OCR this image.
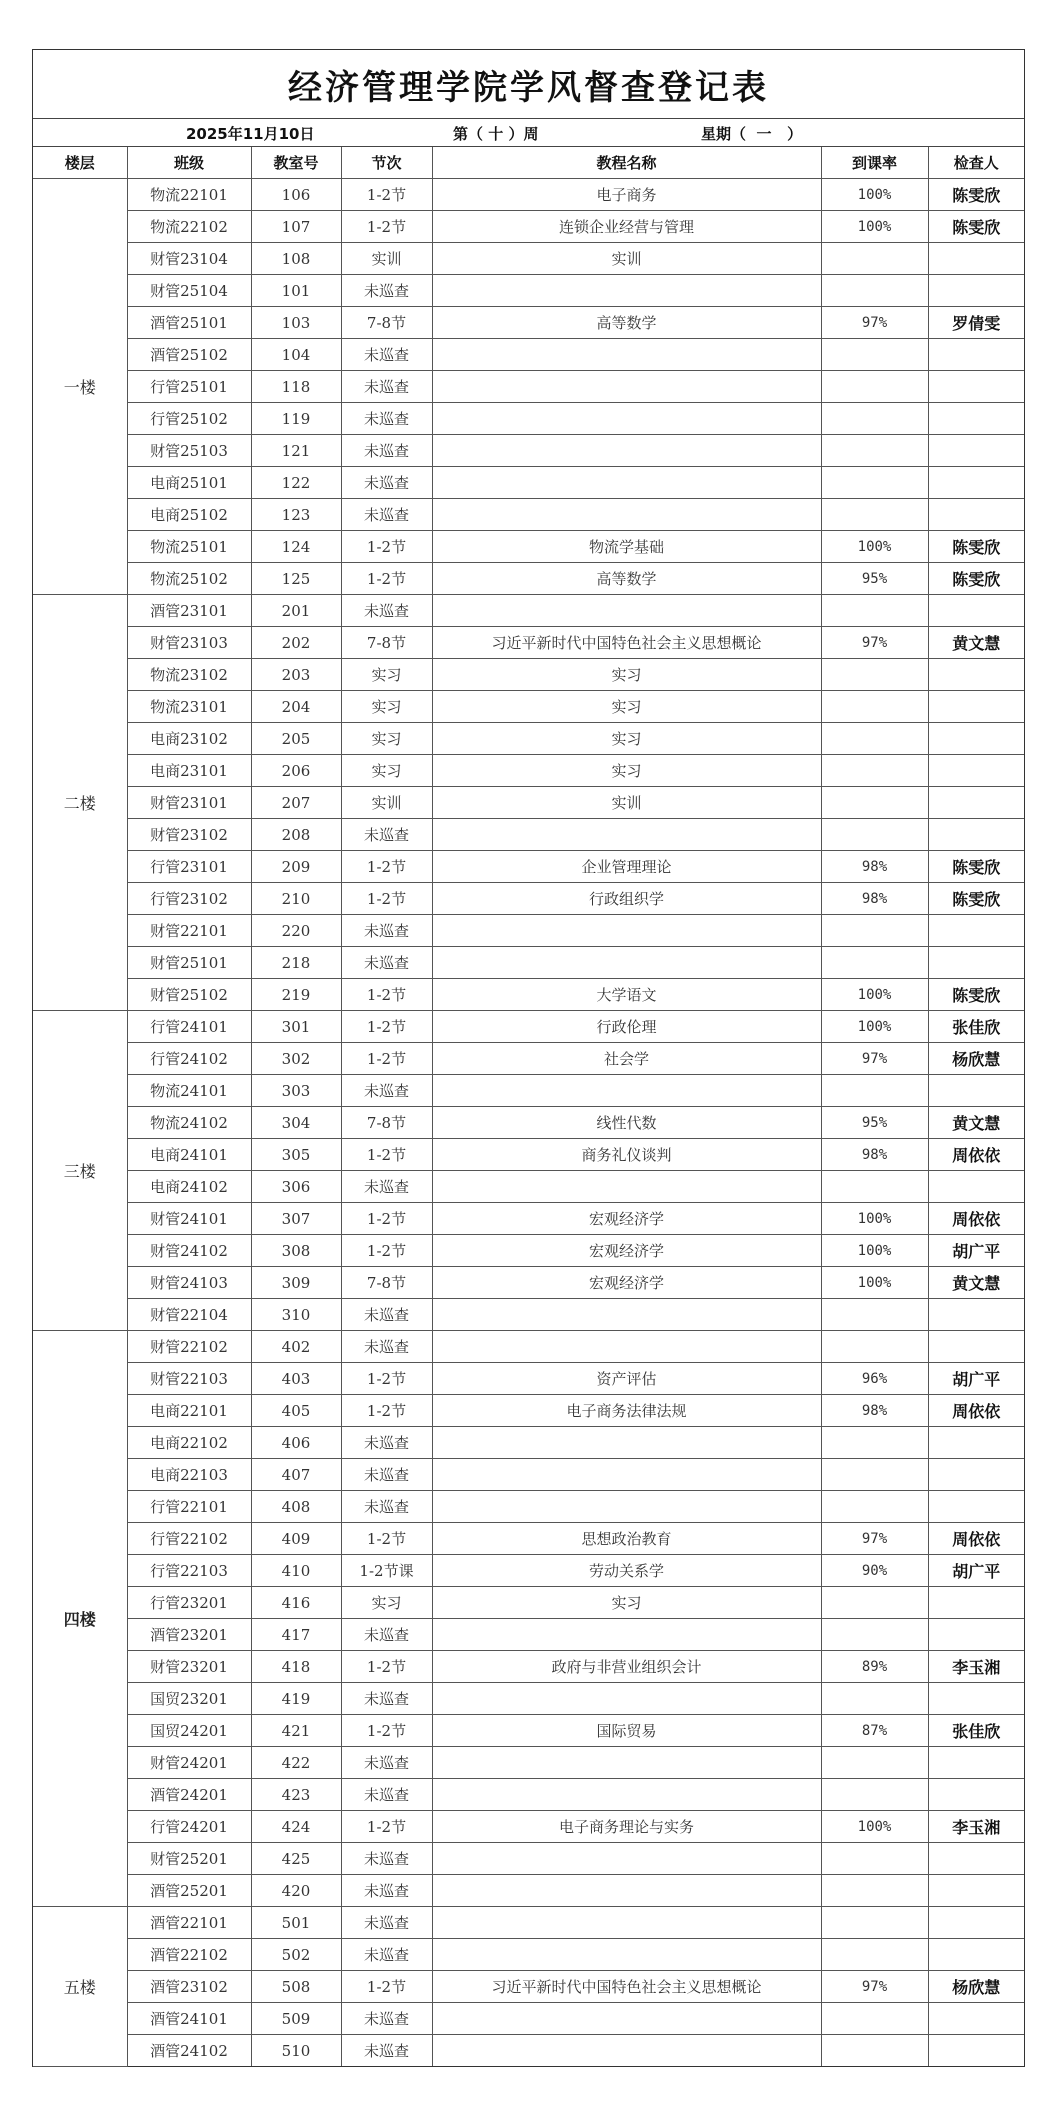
经济管理学院学风督查登记表
2025年11月10日	第（ 十 ）周	星期（  一   ）
楼层	班级	教室号	节次	教程名称	到课率	检查人
一楼	物流22101	106	1-2节	电子商务	100%	陈雯欣
	物流22102	107	1-2节	连锁企业经营与管理	100%	陈雯欣
	财管23104	108	实训	实训		
	财管25104	101	未巡查			
	酒管25101	103	7-8节	高等数学	97%	罗倩雯
	酒管25102	104	未巡查			
	行管25101	118	未巡查			
	行管25102	119	未巡查			
	财管25103	121	未巡查			
	电商25101	122	未巡查			
	电商25102	123	未巡查			
	物流25101	124	1-2节	物流学基础	100%	陈雯欣
	物流25102	125	1-2节	高等数学	95%	陈雯欣
二楼	酒管23101	201	未巡查			
	财管23103	202	7-8节	习近平新时代中国特色社会主义思想概论	97%	黄文慧
	物流23102	203	实习	实习		
	物流23101	204	实习	实习		
	电商23102	205	实习	实习		
	电商23101	206	实习	实习		
	财管23101	207	实训	实训		
	财管23102	208	未巡查			
	行管23101	209	1-2节	企业管理理论	98%	陈雯欣
	行管23102	210	1-2节	行政组织学	98%	陈雯欣
	财管22101	220	未巡查			
	财管25101	218	未巡查			
	财管25102	219	1-2节	大学语文	100%	陈雯欣
三楼	行管24101	301	1-2节	行政伦理	100%	张佳欣
	行管24102	302	1-2节	社会学	97%	杨欣慧
	物流24101	303	未巡查			
	物流24102	304	7-8节	线性代数	95%	黄文慧
	电商24101	305	1-2节	商务礼仪谈判	98%	周依依
	电商24102	306	未巡查			
	财管24101	307	1-2节	宏观经济学	100%	周依依
	财管24102	308	1-2节	宏观经济学	100%	胡广平
	财管24103	309	7-8节	宏观经济学	100%	黄文慧
	财管22104	310	未巡查			
四楼	财管22102	402	未巡查			
	财管22103	403	1-2节	资产评估	96%	胡广平
	电商22101	405	1-2节	电子商务法律法规	98%	周依依
	电商22102	406	未巡查			
	电商22103	407	未巡查			
	行管22101	408	未巡查			
	行管22102	409	1-2节	思想政治教育	97%	周依依
	行管22103	410	1-2节课	劳动关系学	90%	胡广平
	行管23201	416	实习	实习		
	酒管23201	417	未巡查			
	财管23201	418	1-2节	政府与非营业组织会计	89%	李玉湘
	国贸23201	419	未巡查			
	国贸24201	421	1-2节	国际贸易	87%	张佳欣
	财管24201	422	未巡查			
	酒管24201	423	未巡查			
	行管24201	424	1-2节	电子商务理论与实务	100%	李玉湘
	财管25201	425	未巡查			
	酒管25201	420	未巡查			
五楼	酒管22101	501	未巡查			
	酒管22102	502	未巡查			
	酒管23102	508	1-2节	习近平新时代中国特色社会主义思想概论	97%	杨欣慧
	酒管24101	509	未巡查			
	酒管24102	510	未巡查			
